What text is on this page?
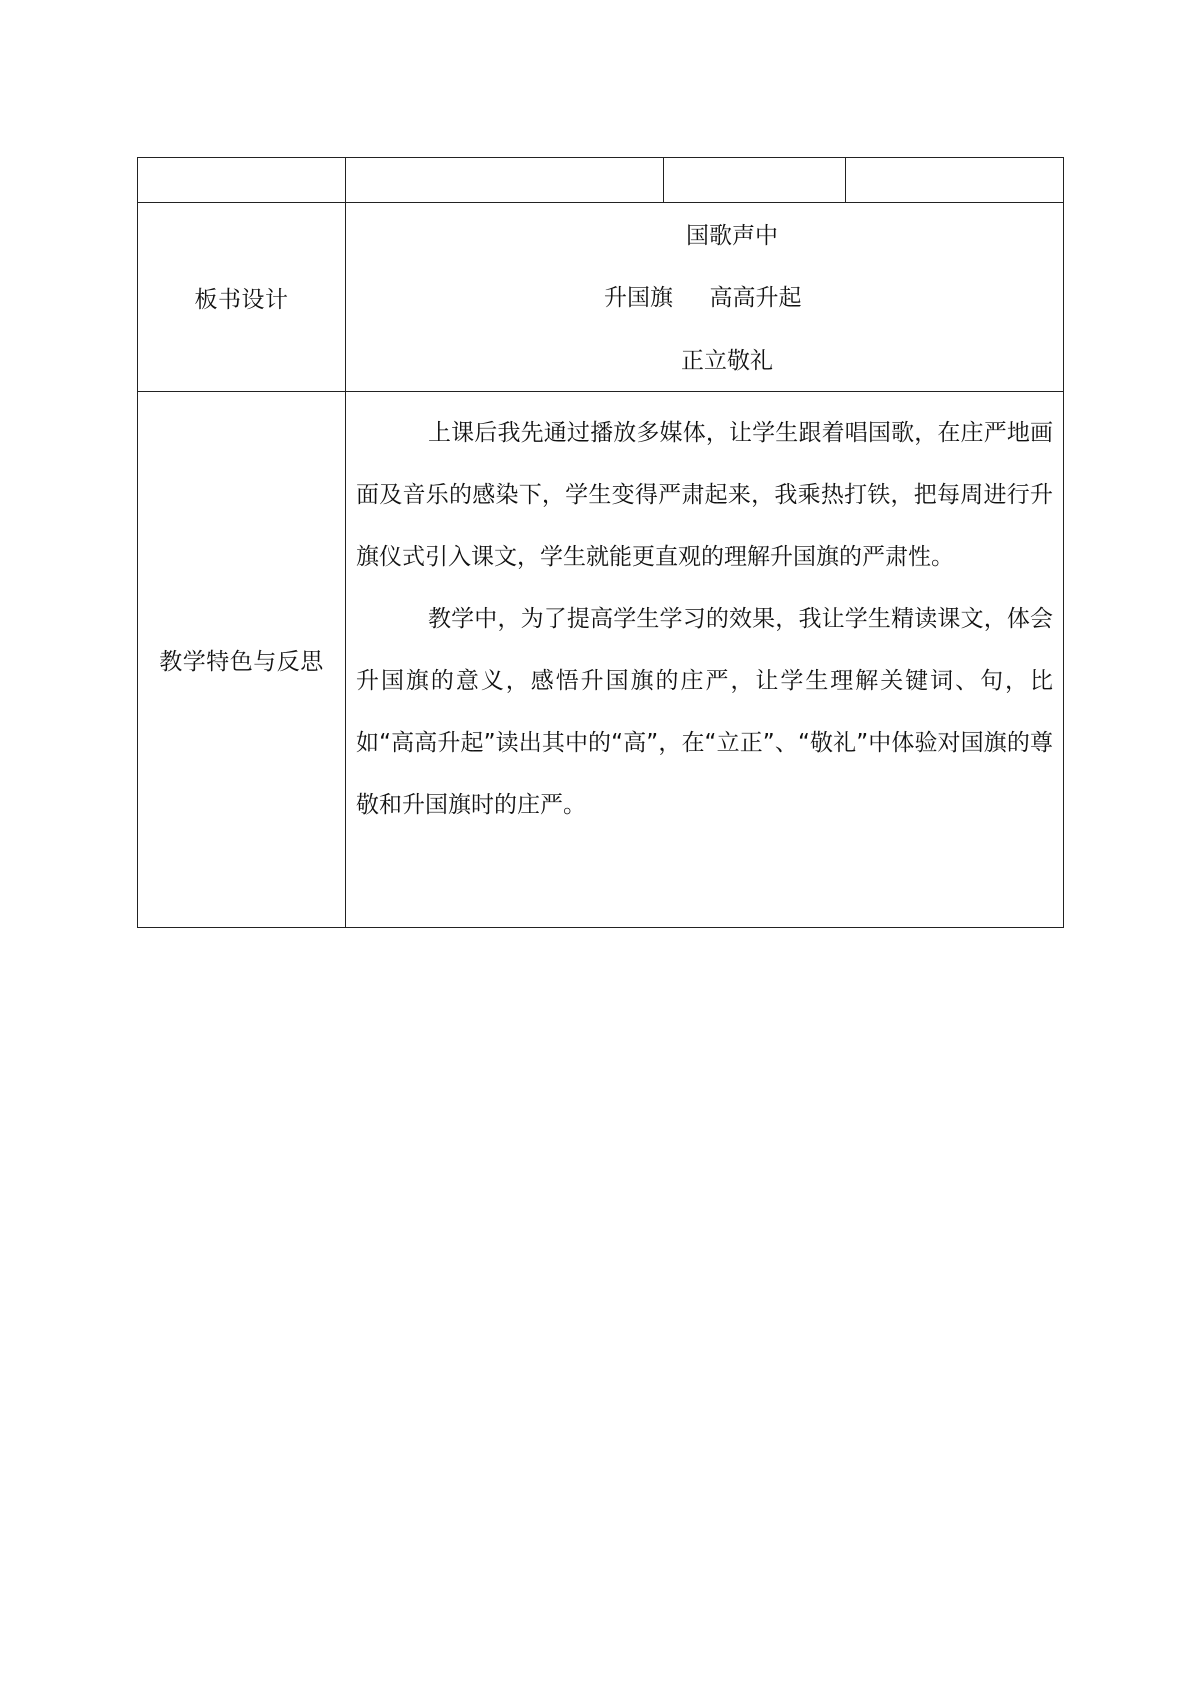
板书设计	国歌声中
升国旗     高高升起
正立敬礼		

教学特色与反思	上课后我先通过播放多媒体，让学生跟着唱国歌，在庄严地画面及音乐的感染下，学生变得严肃起来，我乘热打铁，把每周进行升旗仪式引入课文，学生就能更直观的理解升国旗的严肃性。

教学中，为了提高学生学习的效果，我让学生精读课文，体会升国旗的意义，感悟升国旗的庄严，让学生理解关键词、句，比如“高高升起”读出其中的“高”，在“立正”、“敬礼”中体验对国旗的尊敬和升国旗时的庄严。		
